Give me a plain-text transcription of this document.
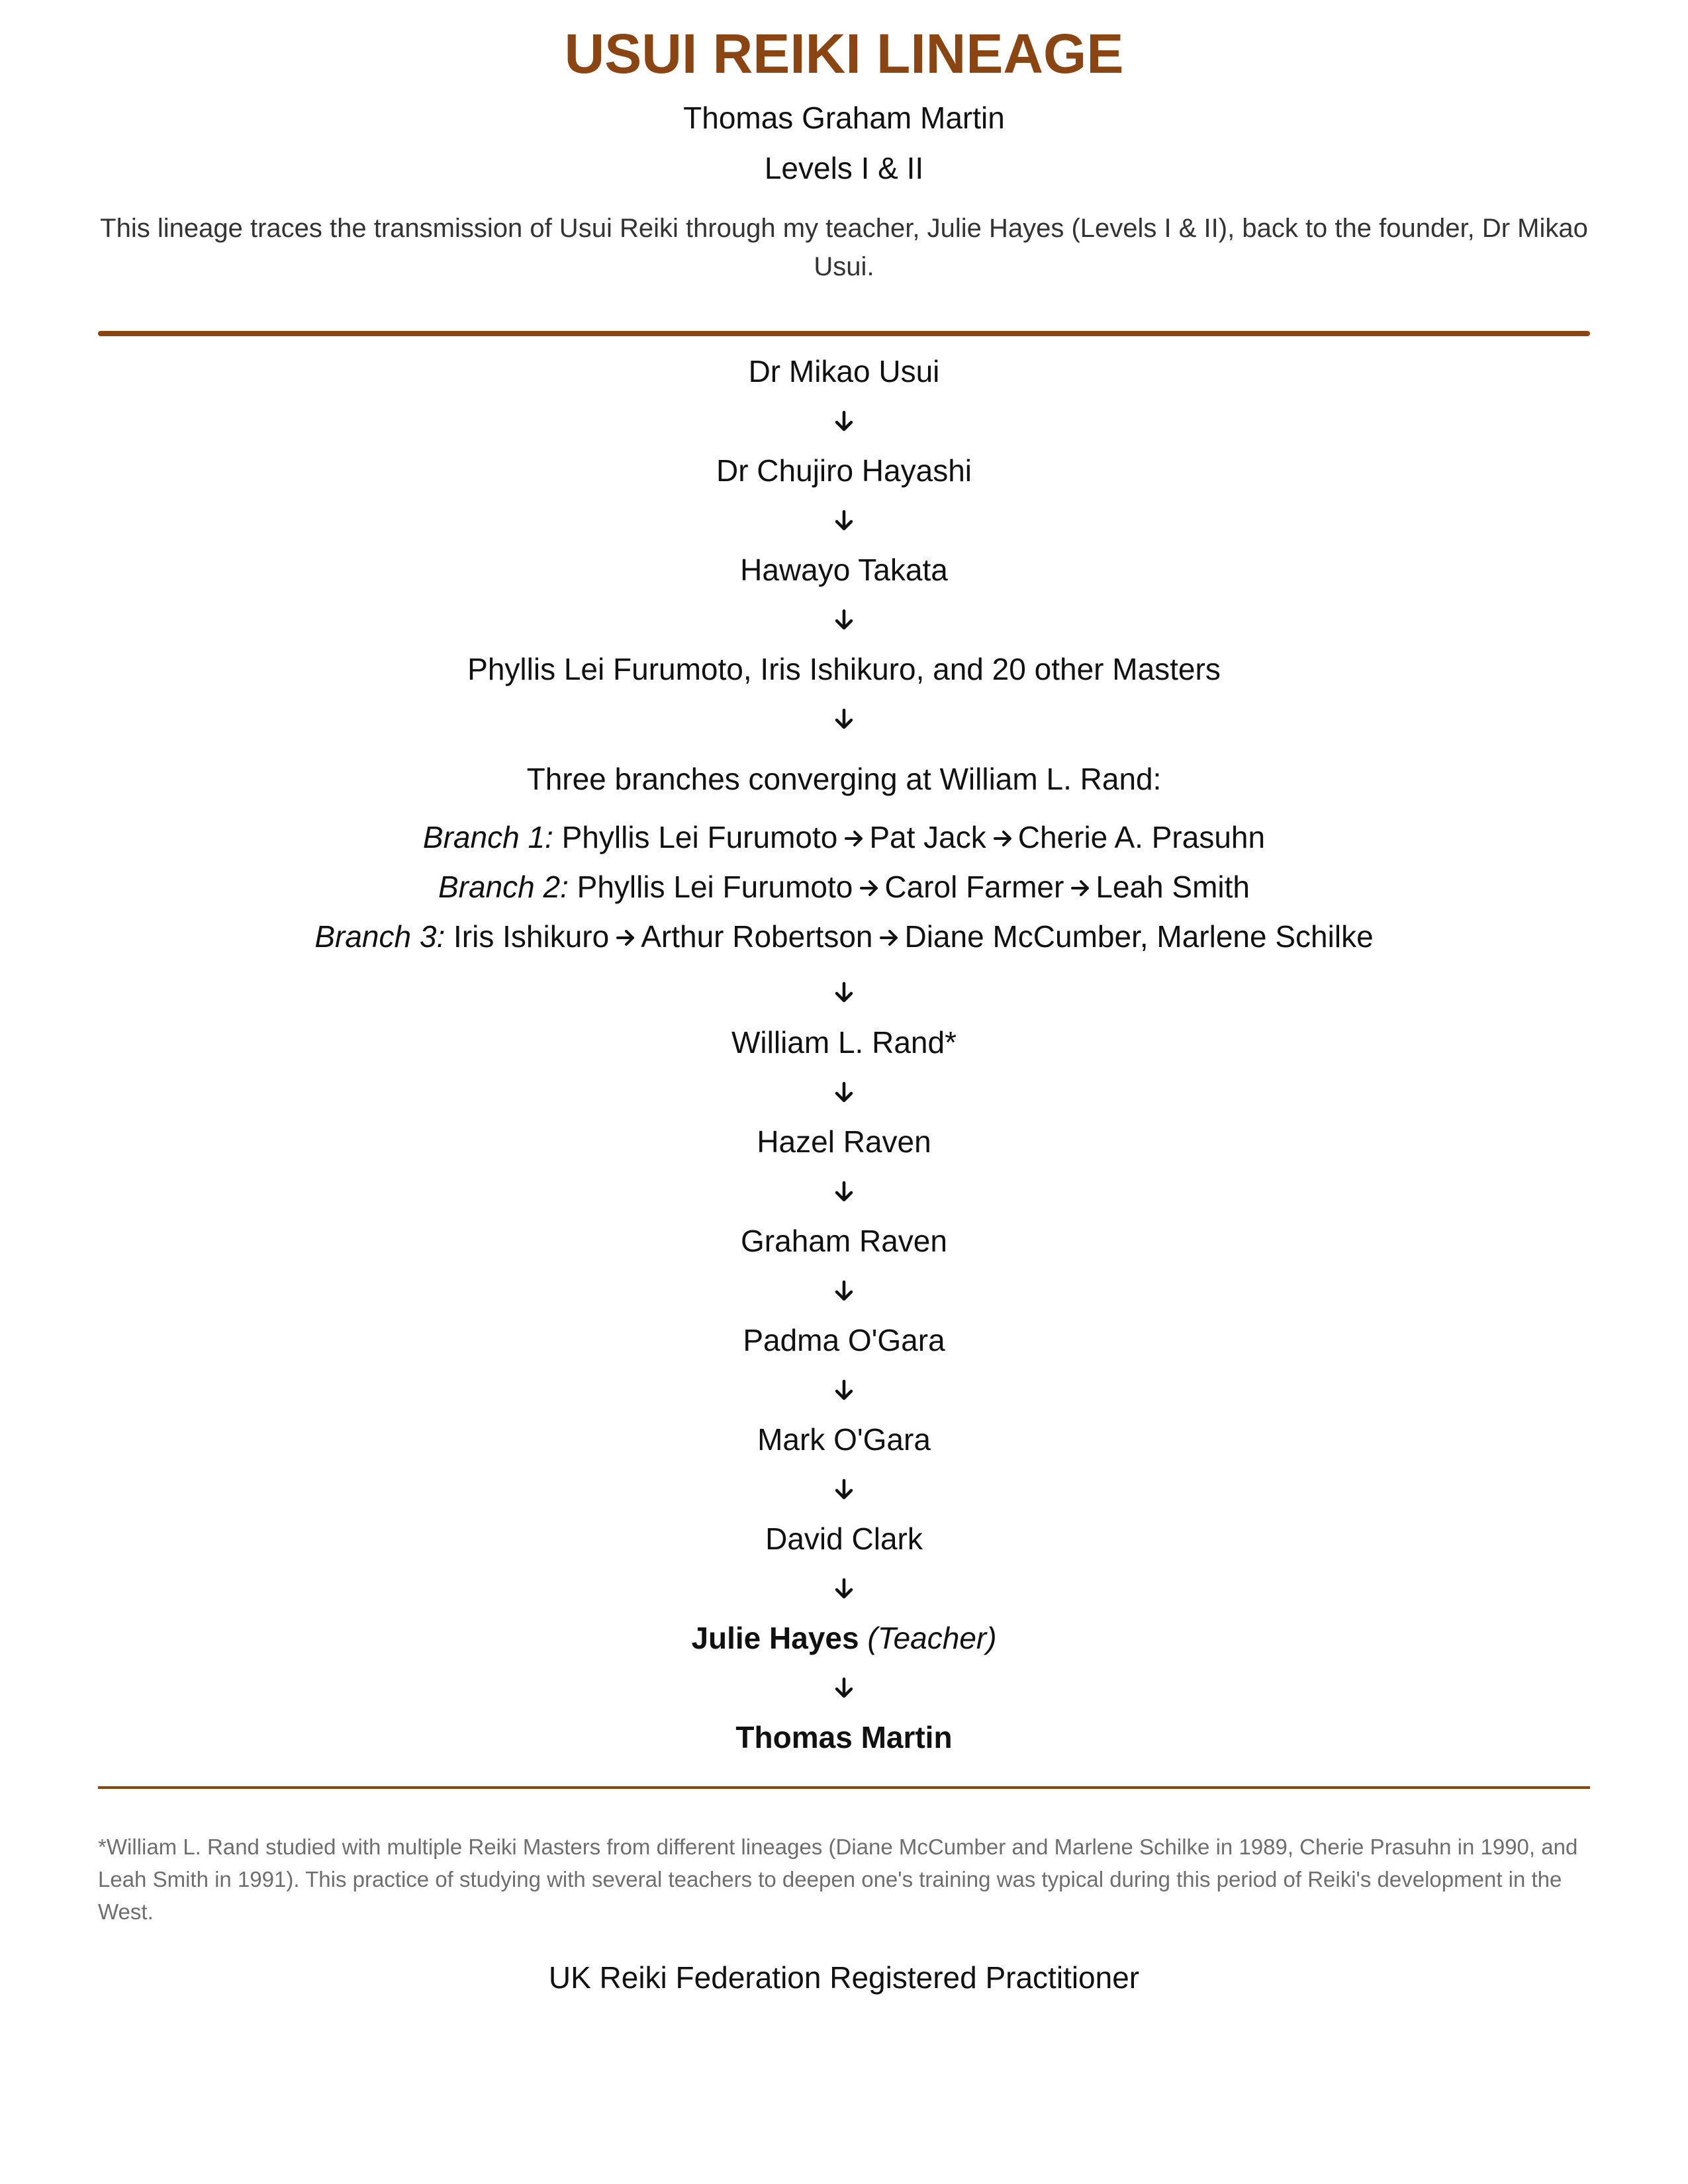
USUI REIKI LINEAGE
Thomas Graham Martin
Levels I & II
This lineage traces the transmission of Usui Reiki through my teacher, Julie Hayes (Levels I & II), back to the founder, Dr Mikao Usui.
Dr Mikao Usui
Dr Chujiro Hayashi
Hawayo Takata
Phyllis Lei Furumoto, Iris Ishikuro, and 20 other Masters
Three branches converging at William L. Rand:
Branch 1: Phyllis Lei Furumoto Pat Jack Cherie A. Prasuhn
Branch 2: Phyllis Lei Furumoto Carol Farmer Leah Smith
Branch 3: Iris Ishikuro Arthur Robertson Diane McCumber, Marlene Schilke
William L. Rand*
Hazel Raven
Graham Raven
Padma O'Gara
Mark O'Gara
David Clark
Julie Hayes (Teacher)
Thomas Martin
*William L. Rand studied with multiple Reiki Masters from different lineages (Diane McCumber and Marlene Schilke in 1989, Cherie Prasuhn in 1990, and Leah Smith in 1991). This practice of studying with several teachers to deepen one's training was typical during this period of Reiki's development in the West.
UK Reiki Federation Registered Practitioner
